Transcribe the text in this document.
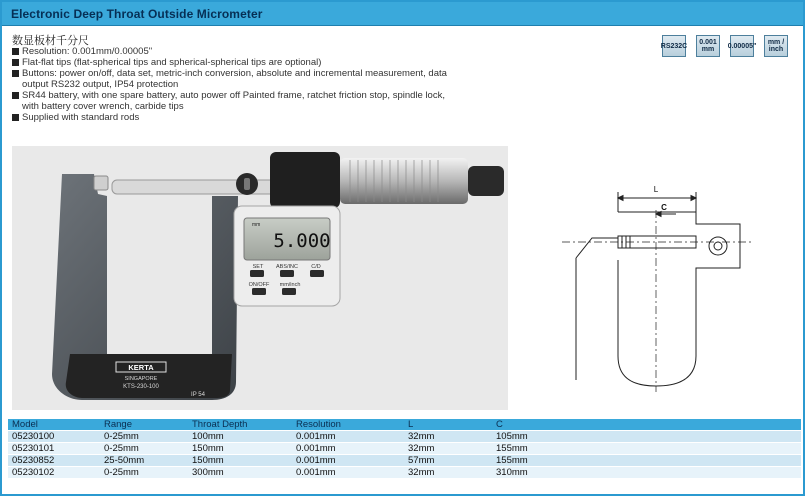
Electronic Deep Throat Outside Micrometer
数显板材千分尺
Resolution: 0.001mm/0.00005"
Flat-flat tips (flat-spherical tips and spherical-spherical tips are optional)
Buttons: power on/off, data set, metric-inch conversion, absolute and incremental measurement, data output RS232 output, IP54 protection
SR44 battery, with one spare battery, auto power off Painted frame, ratchet friction stop, spindle lock, with battery cover wrench, carbide tips
Supplied with standard rods
RS232C	0.001 mm	0.00005"	mm / inch
5.000
mm
SET ABS/INC C/D
ON/OFF mm/inch
KERTA
SINGAPORE
KTS-230-100
IP 54
L
C
Model	Range	Throat Depth	Resolution	L	C
05230100	0-25mm	100mm	0.001mm	32mm	105mm
05230101	0-25mm	150mm	0.001mm	32mm	155mm
05230852	25-50mm	150mm	0.001mm	57mm	155mm
05230102	0-25mm	300mm	0.001mm	32mm	310mm
